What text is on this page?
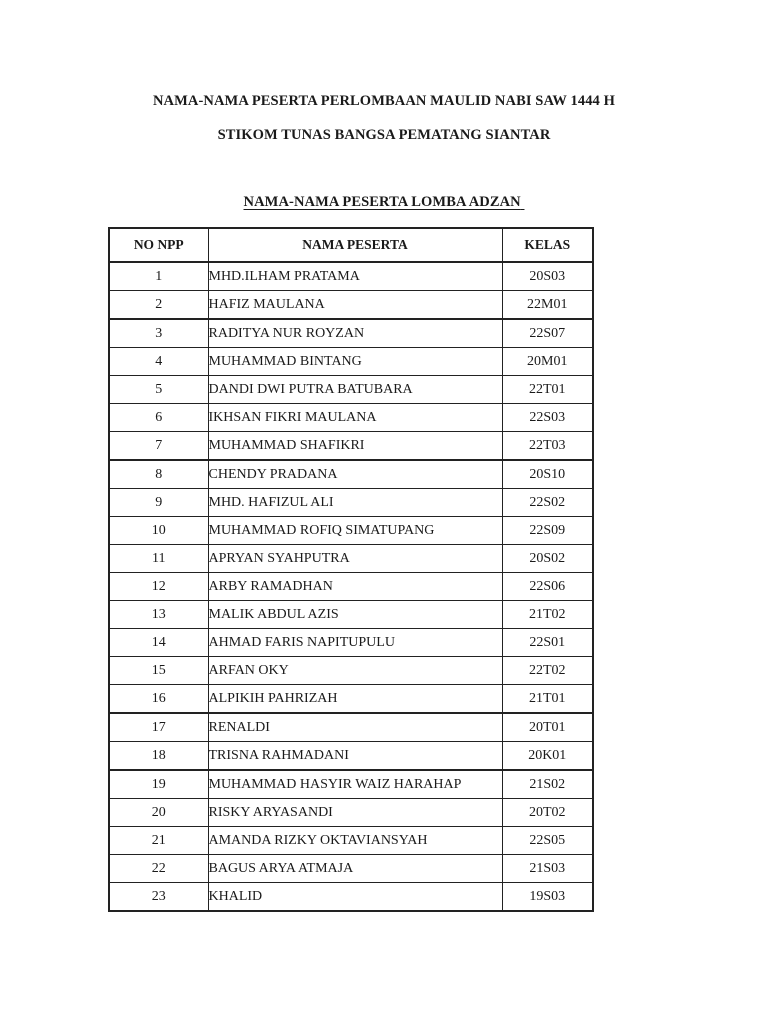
NAMA-NAMA PESERTA PERLOMBAAN MAULID NABI SAW 1444 H
STIKOM TUNAS BANGSA PEMATANG SIANTAR
NAMA-NAMA PESERTA LOMBA ADZAN
NO NPP	NAMA PESERTA	KELAS
1	MHD.ILHAM PRATAMA	20S03
2	HAFIZ MAULANA	22M01
3	RADITYA NUR ROYZAN	22S07
4	MUHAMMAD BINTANG	20M01
5	DANDI DWI PUTRA BATUBARA	22T01
6	IKHSAN FIKRI MAULANA	22S03
7	MUHAMMAD SHAFIKRI	22T03
8	CHENDY PRADANA	20S10
9	MHD. HAFIZUL ALI	22S02
10	MUHAMMAD ROFIQ SIMATUPANG	22S09
11	APRYAN SYAHPUTRA	20S02
12	ARBY RAMADHAN	22S06
13	MALIK ABDUL AZIS	21T02
14	AHMAD FARIS NAPITUPULU	22S01
15	ARFAN OKY	22T02
16	ALPIKIH PAHRIZAH	21T01
17	RENALDI	20T01
18	TRISNA RAHMADANI	20K01
19	MUHAMMAD HASYIR WAIZ HARAHAP	21S02
20	RISKY ARYASANDI	20T02
21	AMANDA RIZKY OKTAVIANSYAH	22S05
22	BAGUS ARYA ATMAJA	21S03
23	KHALID	19S03
